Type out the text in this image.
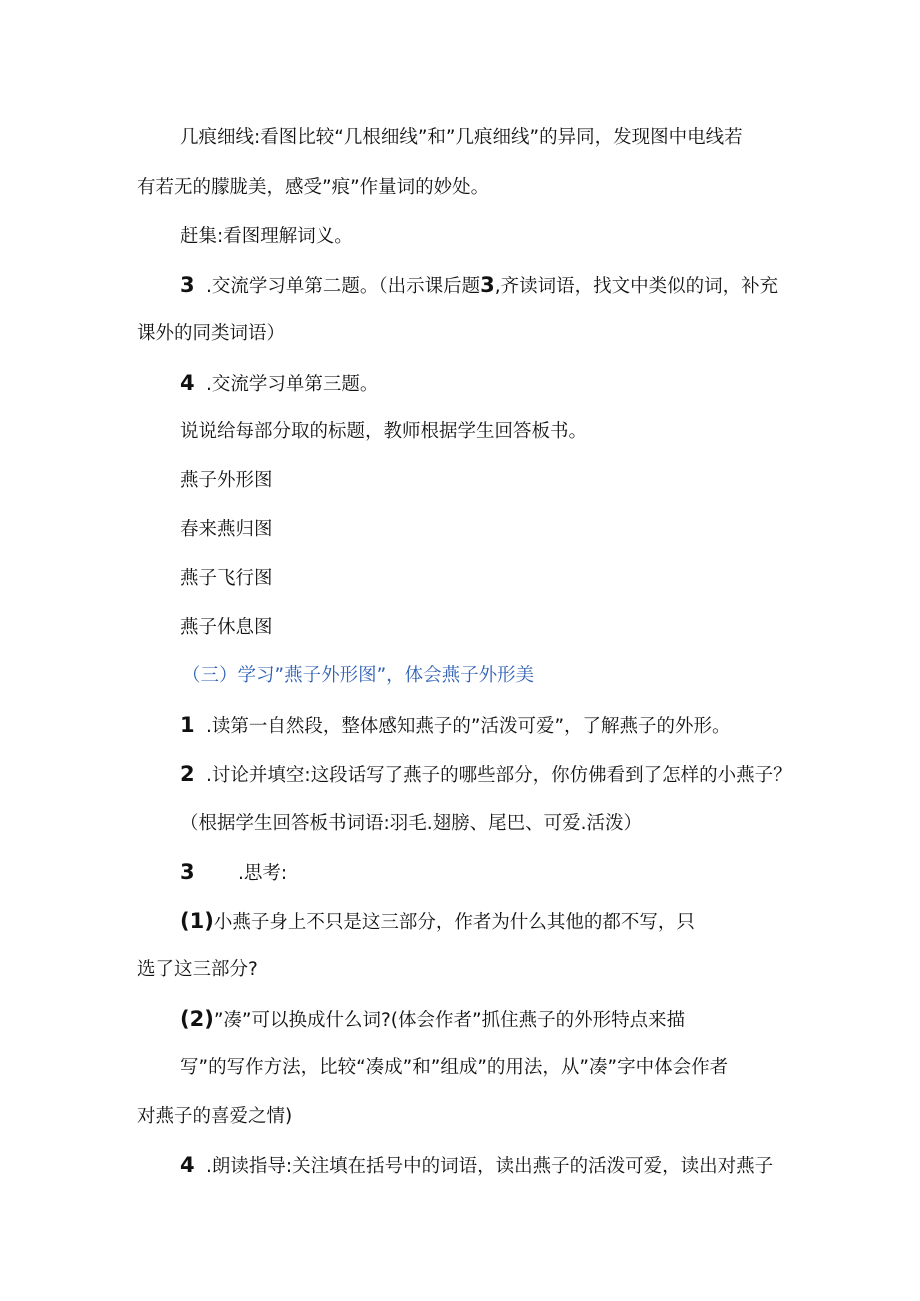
几痕细线:看图比较“几根细线”和”几痕细线”的异同，发现图中电线若
有若无的朦胧美，感受”痕”作量词的妙处。
赶集:看图理解词义。
3 .交流学习单第二题。（出示课后题3,齐读词语，找文中类似的词，补充
课外的同类词语）
4 .交流学习单第三题。
说说给每部分取的标题，教师根据学生回答板书。
燕子外形图
春来燕归图
燕子飞行图
燕子休息图
（三）学习”燕子外形图”，体会燕子外形美
1 .读第一自然段，整体感知燕子的”活泼可爱”，了解燕子的外形。
2 .讨论并填空:这段话写了燕子的哪些部分，你仿佛看到了怎样的小燕子？
（根据学生回答板书词语:羽毛.翅膀、尾巴、可爱.活泼）
3 .思考:
(1)小燕子身上不只是这三部分，作者为什么其他的都不写，只
选了这三部分?
(2)”凑”可以换成什么词?(体会作者”抓住燕子的外形特点来描
写”的写作方法，比较“凑成”和”组成”的用法，从”凑”字中体会作者
对燕子的喜爱之情)
4 .朗读指导:关注填在括号中的词语，读出燕子的活泼可爱，读出对燕子
